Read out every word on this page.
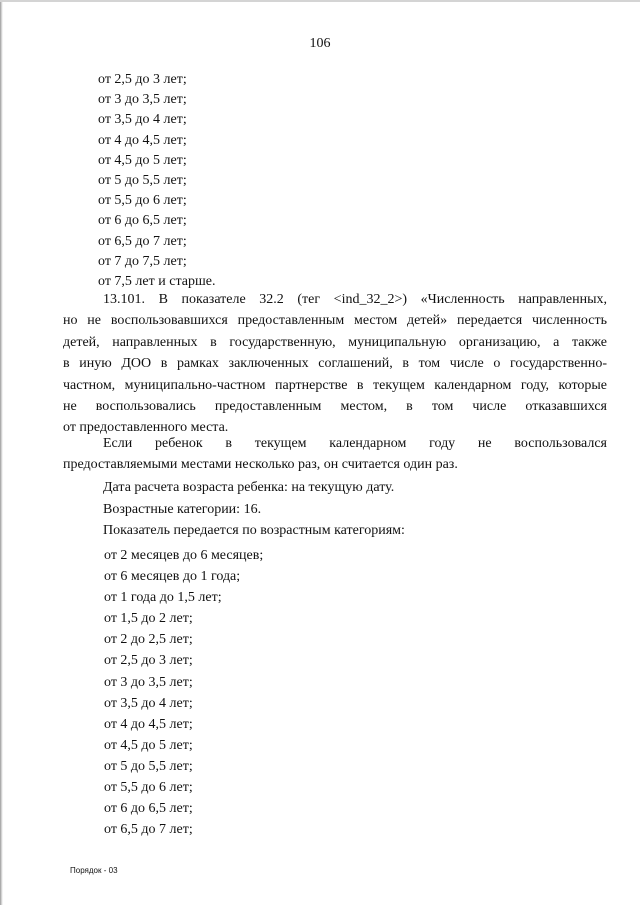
106
от 2,5 до 3 лет;
от 3 до 3,5 лет;
от 3,5 до 4 лет;
от 4 до 4,5 лет;
от 4,5 до 5 лет;
от 5 до 5,5 лет;
от 5,5 до 6 лет;
от 6 до 6,5 лет;
от 6,5 до 7 лет;
от 7 до 7,5 лет;
от 7,5 лет и старше.
13.101. В показателе 32.2 (тег <ind_32_2>) «Численность направленных,
но не воспользовавшихся предоставленным местом детей» передается численность
детей, направленных в государственную, муниципальную организацию, а также
в иную ДОО в рамках заключенных соглашений, в том числе о государственно-
частном, муниципально-частном партнерстве в текущем календарном году, которые
не воспользовались предоставленным местом, в том числе отказавшихся
от предоставленного места.
Если ребенок в текущем календарном году не воспользовался
предоставляемыми местами несколько раз, он считается один раз.
Дата расчета возраста ребенка: на текущую дату.
Возрастные категории: 16.
Показатель передается по возрастным категориям:
от 2 месяцев до 6 месяцев;
от 6 месяцев до 1 года;
от 1 года до 1,5 лет;
от 1,5 до 2 лет;
от 2 до 2,5 лет;
от 2,5 до 3 лет;
от 3 до 3,5 лет;
от 3,5 до 4 лет;
от 4 до 4,5 лет;
от 4,5 до 5 лет;
от 5 до 5,5 лет;
от 5,5 до 6 лет;
от 6 до 6,5 лет;
от 6,5 до 7 лет;
Порядок - 03
